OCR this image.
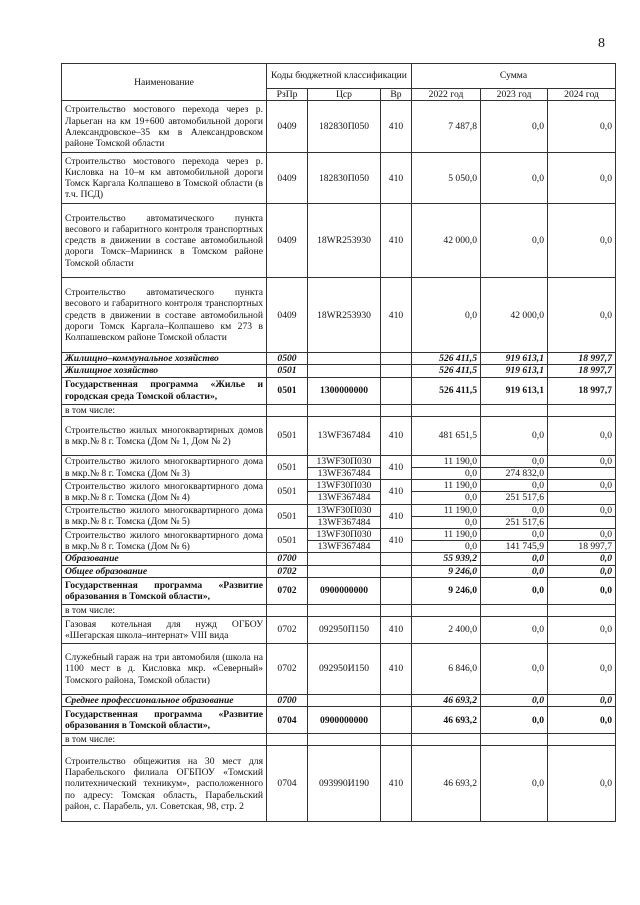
8
Наименование	Коды бюджетной классификации			Сумма		
	РзПр	Цср	Вр	2022 год	2023 год	2024 год
Строительство мостового перехода через р. Ларьеган на км 19+600 автомобильной дороги Александровское–35 км в Александровском районе Томской области	0409	182830П050	410	7 487,8	0,0	0,0
Строительство мостового перехода через р. Кисловка на 10–м км автомобильной дороги Томск Каргала Колпашево в Томской области (в т.ч. ПСД)	0409	182830П050	410	5 050,0	0,0	0,0
Строительство автоматического пункта весового и габаритного контроля транспортных средств в движении в составе автомобильной дороги Томск–Мариинск в Томском районе Томской области	0409	18WR253930	410	42 000,0	0,0	0,0
Строительство автоматического пункта весового и габаритного контроля транспортных средств в движении в составе автомобильной дороги Томск Каргала–Колпашево км 273 в Колпашевском районе Томской области	0409	18WR253930	410	0,0	42 000,0	0,0
Жилищно–коммунальное хозяйство	0500			526 411,5	919 613,1	18 997,7
Жилищное хозяйство	0501			526 411,5	919 613,1	18 997,7
Государственная программа «Жилье и городская среда Томской области»,	0501	1300000000		526 411,5	919 613,1	18 997,7
в том числе:						
Строительство жилых многоквартирных домов в мкр.№ 8 г. Томска (Дом № 1, Дом № 2)	0501	13WF367484	410	481 651,5	0,0	0,0
Строительство жилого многоквартирного дома в мкр.№ 8 г. Томска (Дом № 3)	0501	13WF30П030	410	11 190,0	0,0	0,0
		13WF367484		0,0	274 832,0	
Строительство жилого многоквартирного дома в мкр.№ 8 г. Томска (Дом № 4)	0501	13WF30П030	410	11 190,0	0,0	0,0
		13WF367484		0,0	251 517,6	
Строительство жилого многоквартирного дома в мкр.№ 8 г. Томска (Дом № 5)	0501	13WF30П030	410	11 190,0	0,0	0,0
		13WF367484		0,0	251 517,6	
Строительство жилого многоквартирного дома в мкр.№ 8 г. Томска (Дом № 6)	0501	13WF30П030	410	11 190,0	0,0	0,0
		13WF367484		0,0	141 745,9	18 997,7
Образование	0700			55 939,2	0,0	0,0
Общее образование	0702			9 246,0	0,0	0,0
Государственная программа «Развитие образования в Томской области»,	0702	0900000000		9 246,0	0,0	0,0
в том числе:						
Газовая котельная для нужд ОГБОУ «Шегарская школа–интернат» VIII вида	0702	092950П150	410	2 400,0	0,0	0,0
Служебный гараж на три автомобиля (школа на 1100 мест в д. Кисловка мкр. «Северный» Томского района, Томской области)	0702	092950И150	410	6 846,0	0,0	0,0
Среднее профессиональное образование	0700			46 693,2	0,0	0,0
Государственная программа «Развитие образования в Томской области»,	0704	0900000000		46 693,2	0,0	0,0
в том числе:						
Строительство общежития на 30 мест для Парабельского филиала ОГБПОУ «Томский политехнический техникум», расположенного по адресу: Томская область, Парабельский район, с. Парабель, ул. Советская, 98, стр. 2	0704	093990И190	410	46 693,2	0,0	0,0
